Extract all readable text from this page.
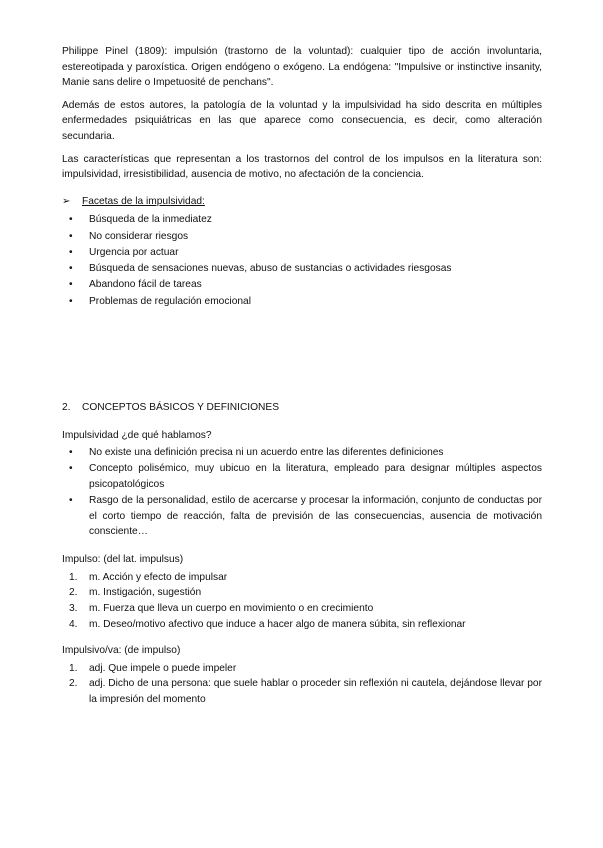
Philippe Pinel (1809): impulsión (trastorno de la voluntad): cualquier tipo de acción involuntaria, estereotipada y paroxística. Origen endógeno o exógeno. La endógena: "Impulsive or instinctive insanity, Manie sans delire o Impetuosité de penchans".

Además de estos autores, la patología de la voluntad y la impulsividad ha sido descrita en múltiples enfermedades psiquiátricas en las que aparece como consecuencia, es decir, como alteración secundaria.

Las características que representan a los trastornos del control de los impulsos en la literatura son: impulsividad, irresistibilidad, ausencia de motivo, no afectación de la conciencia.

➢	Facetas de la impulsividad:
• Búsqueda de la inmediatez
• No considerar riesgos
• Urgencia por actuar
• Búsqueda de sensaciones nuevas, abuso de sustancias o actividades riesgosas
• Abandono fácil de tareas
• Problemas de regulación emocional
2.	CONCEPTOS BÁSICOS Y DEFINICIONES

Impulsividad ¿de qué hablamos?

• No existe una definición precisa ni un acuerdo entre las diferentes definiciones
• Concepto polisémico, muy ubicuo en la literatura, empleado para designar múltiples aspectos psicopatológicos
• Rasgo de la personalidad, estilo de acercarse y procesar la información, conjunto de conductas por el corto tiempo de reacción, falta de previsión de las consecuencias, ausencia de motivación consciente…

Impulso: (del lat. impulsus)

1. m. Acción y efecto de impulsar
2. m. Instigación, sugestión
3. m. Fuerza que lleva un cuerpo en movimiento o en crecimiento
4. m. Deseo/motivo afectivo que induce a hacer algo de manera súbita, sin reflexionar

Impulsivo/va: (de impulso)

1. adj. Que impele o puede impeler
2. adj. Dicho de una persona: que suele hablar o proceder sin reflexión ni cautela, dejándose llevar por la impresión del momento
